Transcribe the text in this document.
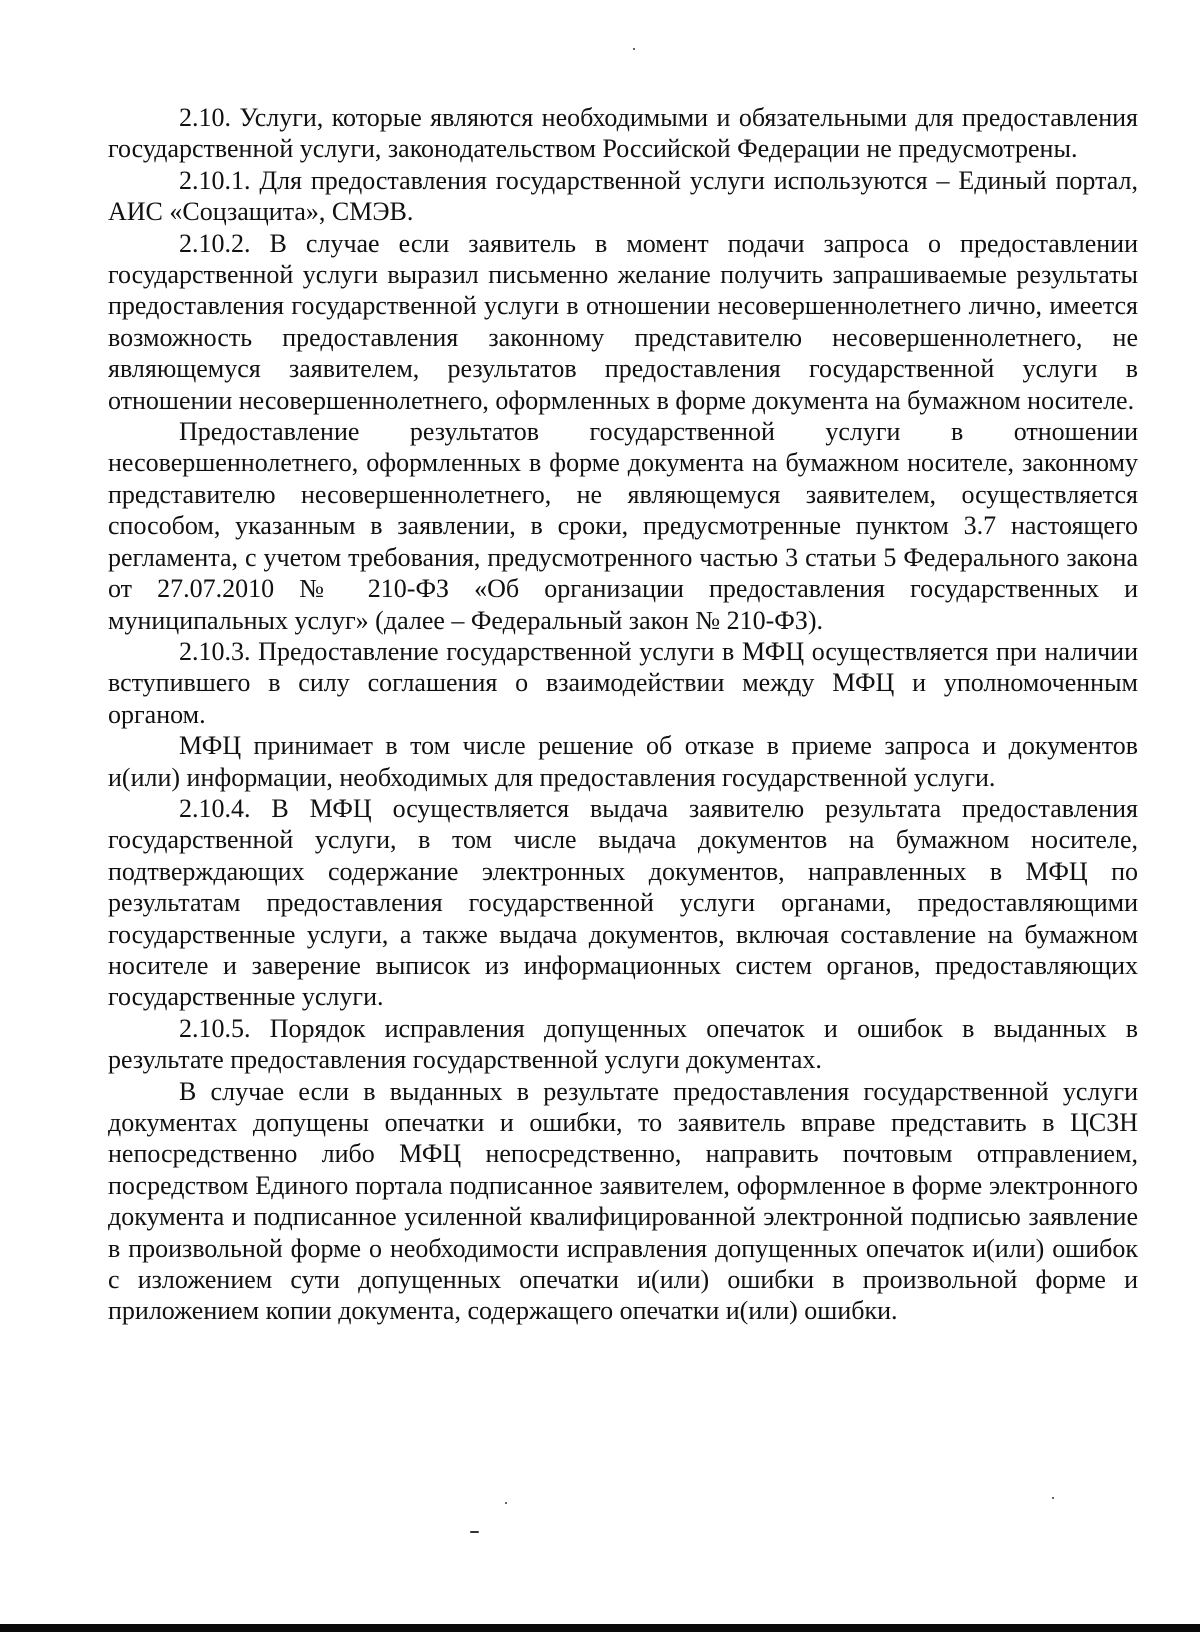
2.10. Услуги, которые являются необходимыми и обязательными для предоставления государственной услуги, законодательством Российской Федерации не предусмотрены.

2.10.1. Для предоставления государственной услуги используются – Единый портал, АИС «Соцзащита», СМЭВ.

2.10.2. В случае если заявитель в момент подачи запроса о предоставлении государственной услуги выразил письменно желание получить запрашиваемые результаты предоставления государственной услуги в отношении несовершеннолетнего лично, имеется возможность предоставления законному представителю несовершеннолетнего, не являющемуся заявителем, результатов предоставления государственной услуги в отношении несовершеннолетнего, оформленных в форме документа на бумажном носителе.

Предоставление результатов государственной услуги в отношении несовершеннолетнего, оформленных в форме документа на бумажном носителе, законному представителю несовершеннолетнего, не являющемуся заявителем, осуществляется способом, указанным в заявлении, в сроки, предусмотренные пунктом 3.7 настоящего регламента, с учетом требования, предусмотренного частью 3 статьи 5 Федерального закона от 27.07.2010 № 210-ФЗ «Об организации предоставления государственных и муниципальных услуг» (далее – Федеральный закон № 210-ФЗ).

2.10.3. Предоставление государственной услуги в МФЦ осуществляется при наличии вступившего в силу соглашения о взаимодействии между МФЦ и уполномоченным органом.

МФЦ принимает в том числе решение об отказе в приеме запроса и документов и(или) информации, необходимых для предоставления государственной услуги.

2.10.4. В МФЦ осуществляется выдача заявителю результата предоставления государственной услуги, в том числе выдача документов на бумажном носителе, подтверждающих содержание электронных документов, направленных в МФЦ по результатам предоставления государственной услуги органами, предоставляющими государственные услуги, а также выдача документов, включая составление на бумажном носителе и заверение выписок из информационных систем органов, предоставляющих государственные услуги.

2.10.5. Порядок исправления допущенных опечаток и ошибок в выданных в результате предоставления государственной услуги документах.

В случае если в выданных в результате предоставления государственной услуги документах допущены опечатки и ошибки, то заявитель вправе представить в ЦСЗН непосредственно либо МФЦ непосредственно, направить почтовым отправлением, посредством Единого портала подписанное заявителем, оформленное в форме электронного документа и подписанное усиленной квалифицированной электронной подписью заявление в произвольной форме о необходимости исправления допущенных опечаток и(или) ошибок с изложением сути допущенных опечатки и(или) ошибки в произвольной форме и приложением копии документа, содержащего опечатки и(или) ошибки.
